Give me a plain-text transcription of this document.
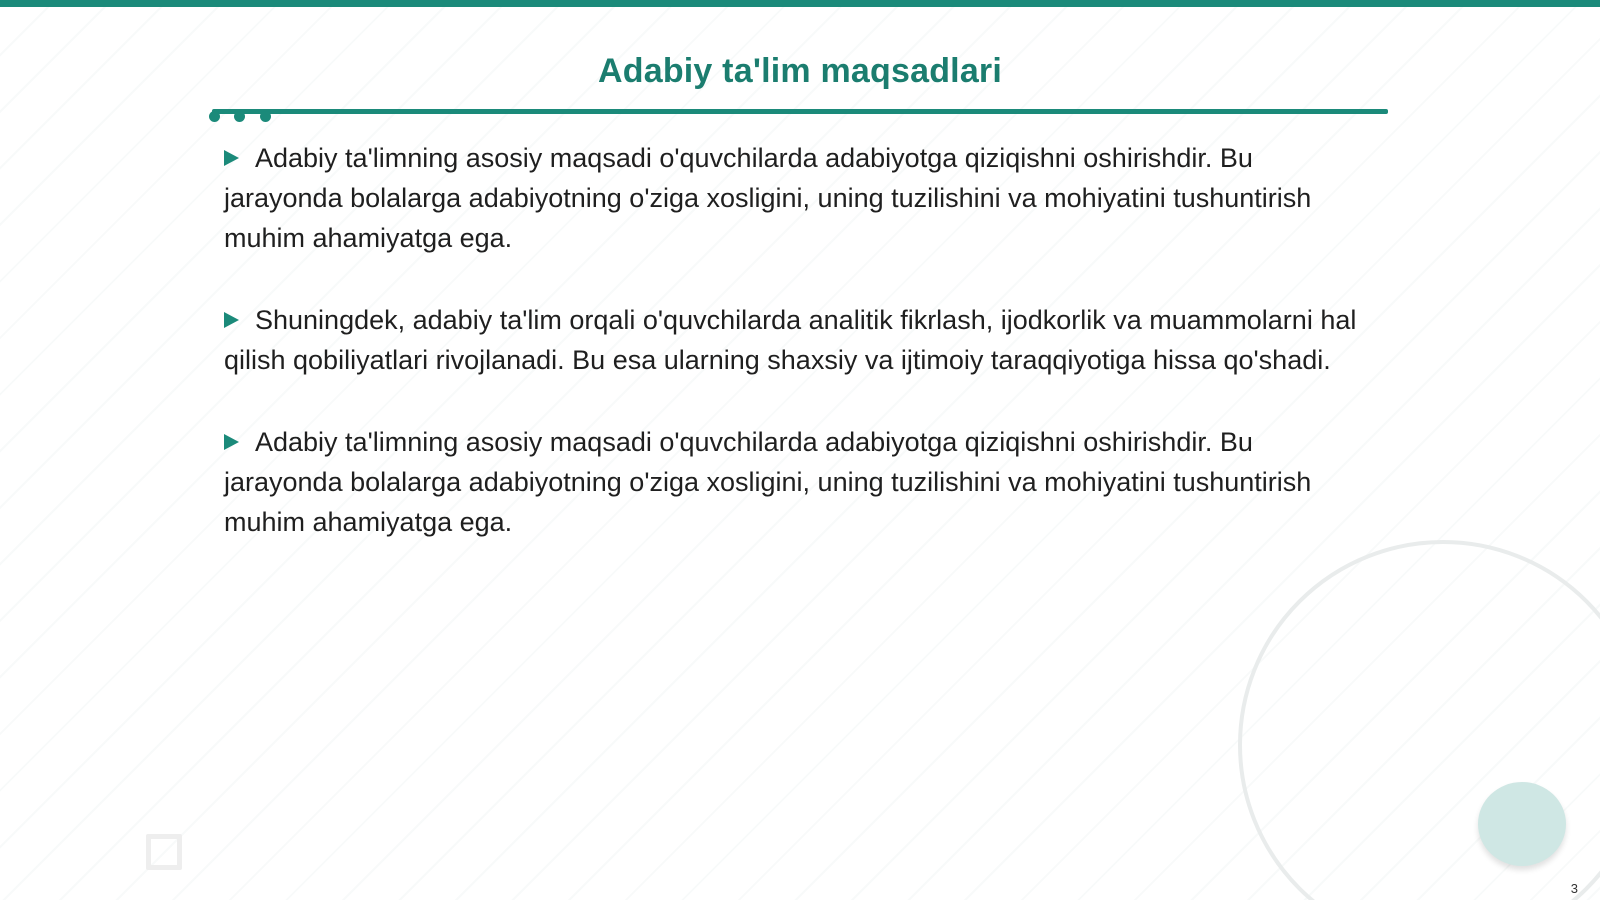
Adabiy ta'lim maqsadlari

Adabiy ta'limning asosiy maqsadi o'quvchilarda adabiyotga qiziqishni oshirishdir. Bu jarayonda bolalarga adabiyotning o'ziga xosligini, uning tuzilishini va mohiyatini tushuntirish muhim ahamiyatga ega.

Shuningdek, adabiy ta'lim orqali o'quvchilarda analitik fikrlash, ijodkorlik va muammolarni hal qilish qobiliyatlari rivojlanadi. Bu esa ularning shaxsiy va ijtimoiy taraqqiyotiga hissa qo'shadi.

Adabiy ta'limning asosiy maqsadi o'quvchilarda adabiyotga qiziqishni oshirishdir. Bu jarayonda bolalarga adabiyotning o'ziga xosligini, uning tuzilishini va mohiyatini tushuntirish muhim ahamiyatga ega.

3
